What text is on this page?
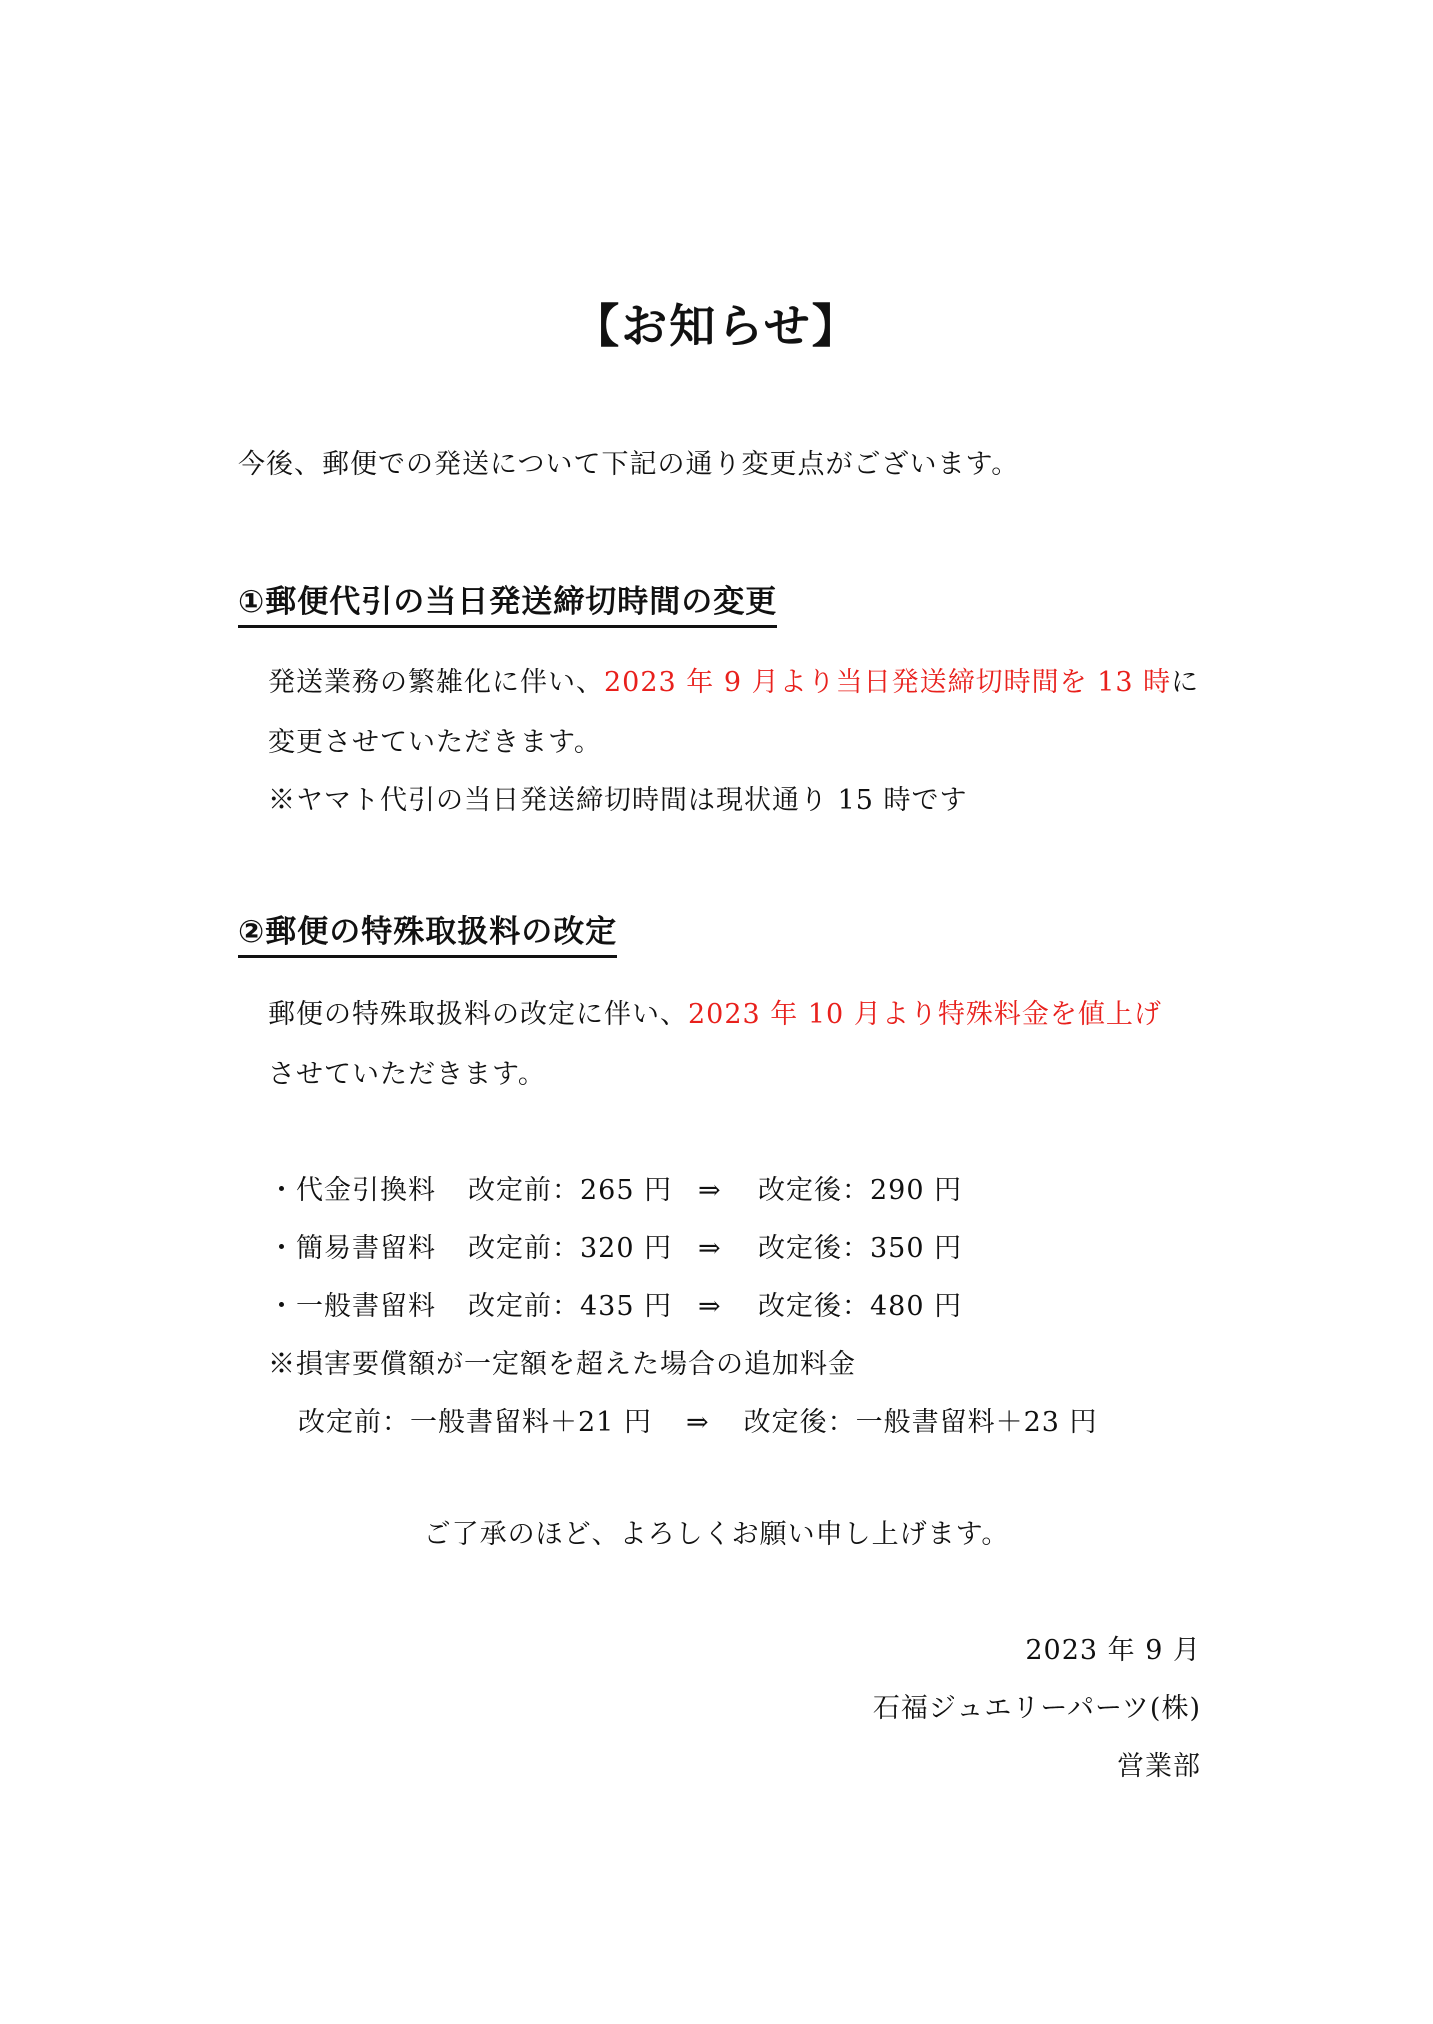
【お知らせ】
今後、郵便での発送について下記の通り変更点がございます。
①郵便代引の当日発送締切時間の変更
発送業務の繁雑化に伴い、2023 年 9 月より当日発送締切時間を 13 時に
変更させていただきます。
※ヤマト代引の当日発送締切時間は現状通り 15 時です
②郵便の特殊取扱料の改定
郵便の特殊取扱料の改定に伴い、2023 年 10 月より特殊料金を値上げ
させていただきます。
・代金引換料 改定前：265 円 ⇒ 改定後：290 円
・簡易書留料 改定前：320 円 ⇒ 改定後：350 円
・一般書留料 改定前：435 円 ⇒ 改定後：480 円
※損害要償額が一定額を超えた場合の追加料金
改定前：一般書留料＋21 円 ⇒ 改定後：一般書留料＋23 円
ご了承のほど、よろしくお願い申し上げます。
2023 年 9 月
石福ジュエリーパーツ(株)
営業部
